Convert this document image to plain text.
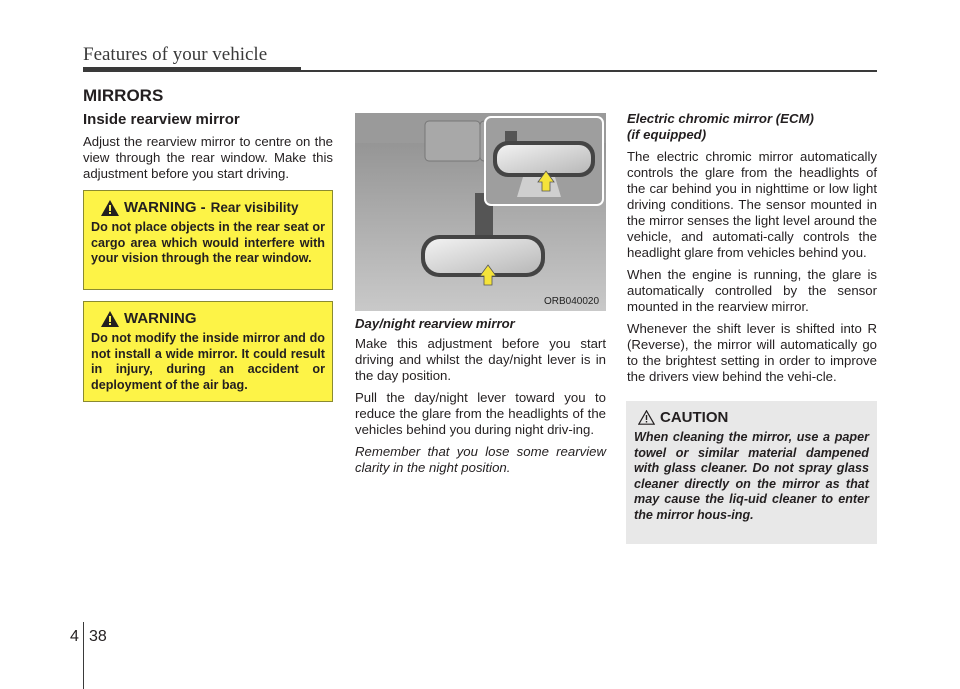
Features of your vehicle
MIRRORS
Inside rearview mirror

Adjust the rearview mirror to centre on the view through the rear window. Make this adjustment before you start driving.

WARNING - Rear visibility
Do not place objects in the rear seat or cargo area which would interfere with your vision through the rear window.
WARNING
Do not modify the inside mirror and do not install a wide mirror. It could result in injury, during an accident or deployment of the air bag.
ORB040020
Day/night rearview mirror

Make this adjustment before you start driving and whilst the day/night lever is in the day position.

Pull the day/night lever toward you to reduce the glare from the headlights of the vehicles behind you during night driv-ing.

Remember that you lose some rearview clarity in the night position.

Electric chromic mirror (ECM)
(if equipped)

The electric chromic mirror automatically controls the glare from the headlights of the car behind you in nighttime or low light driving conditions. The sensor mounted in the mirror senses the light level around the vehicle, and automati-cally controls the headlight glare from vehicles behind you.

When the engine is running, the glare is automatically controlled by the sensor mounted in the rearview mirror.

Whenever the shift lever is shifted into R (Reverse), the mirror will automatically go to the brightest setting in order to improve the drivers view behind the vehi-cle.

CAUTION
When cleaning the mirror, use a paper towel or similar material dampened with glass cleaner. Do not spray glass cleaner directly on the mirror as that may cause the liq-uid cleaner to enter the mirror hous-ing.
4 38
